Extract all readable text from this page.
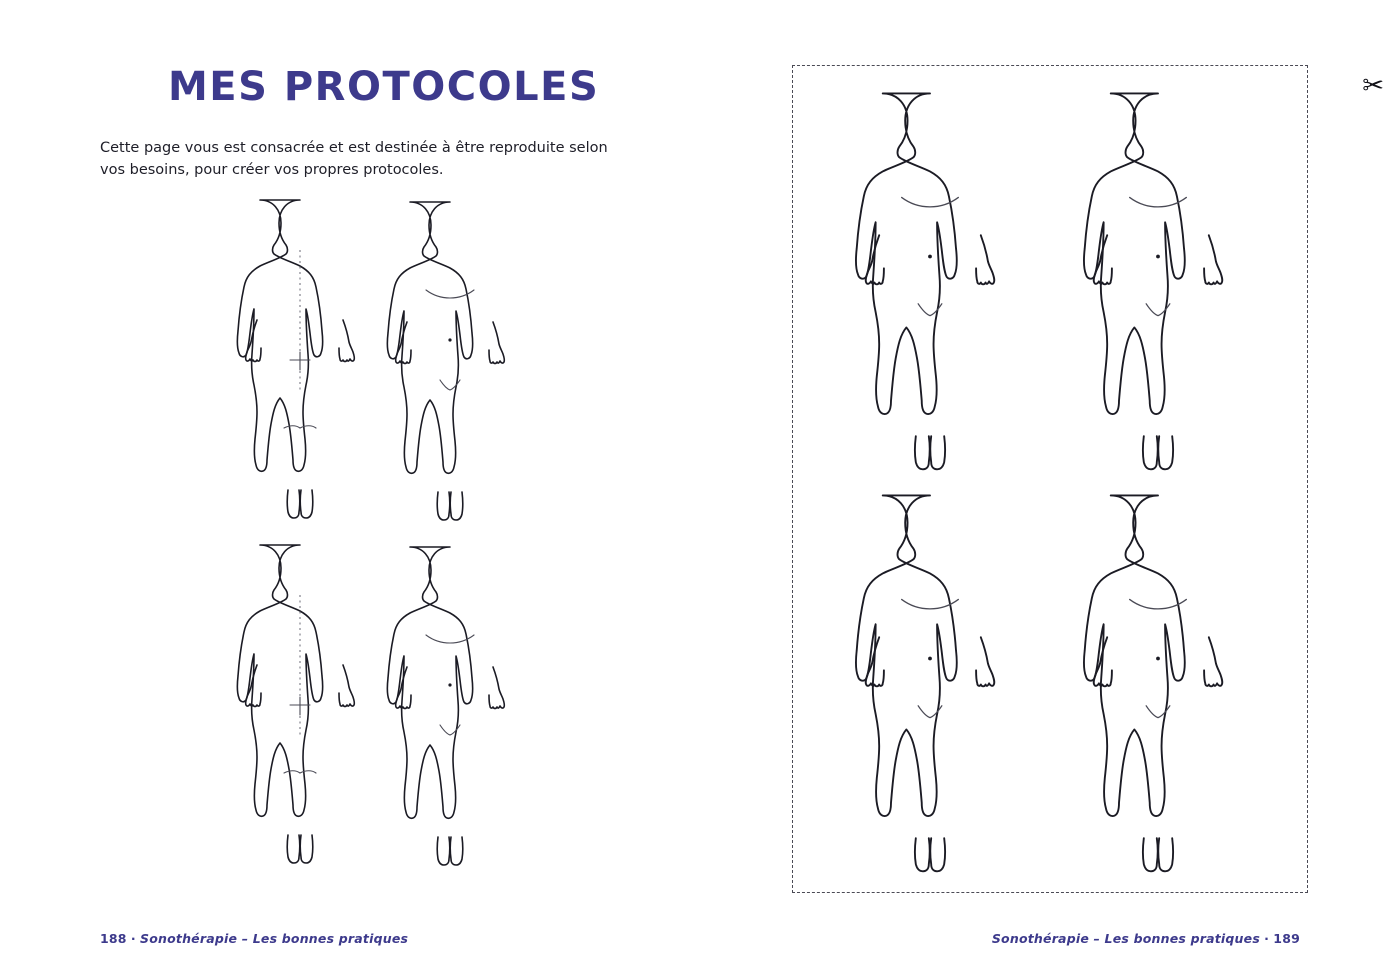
MES PROTOCOLES
Cette page vous est consacrée et est destinée à être reproduite selon vos besoins, pour créer vos propres protocoles.
188 · Sonothérapie – Les bonnes pratiques
✂
Sonothérapie – Les bonnes pratiques · 189
